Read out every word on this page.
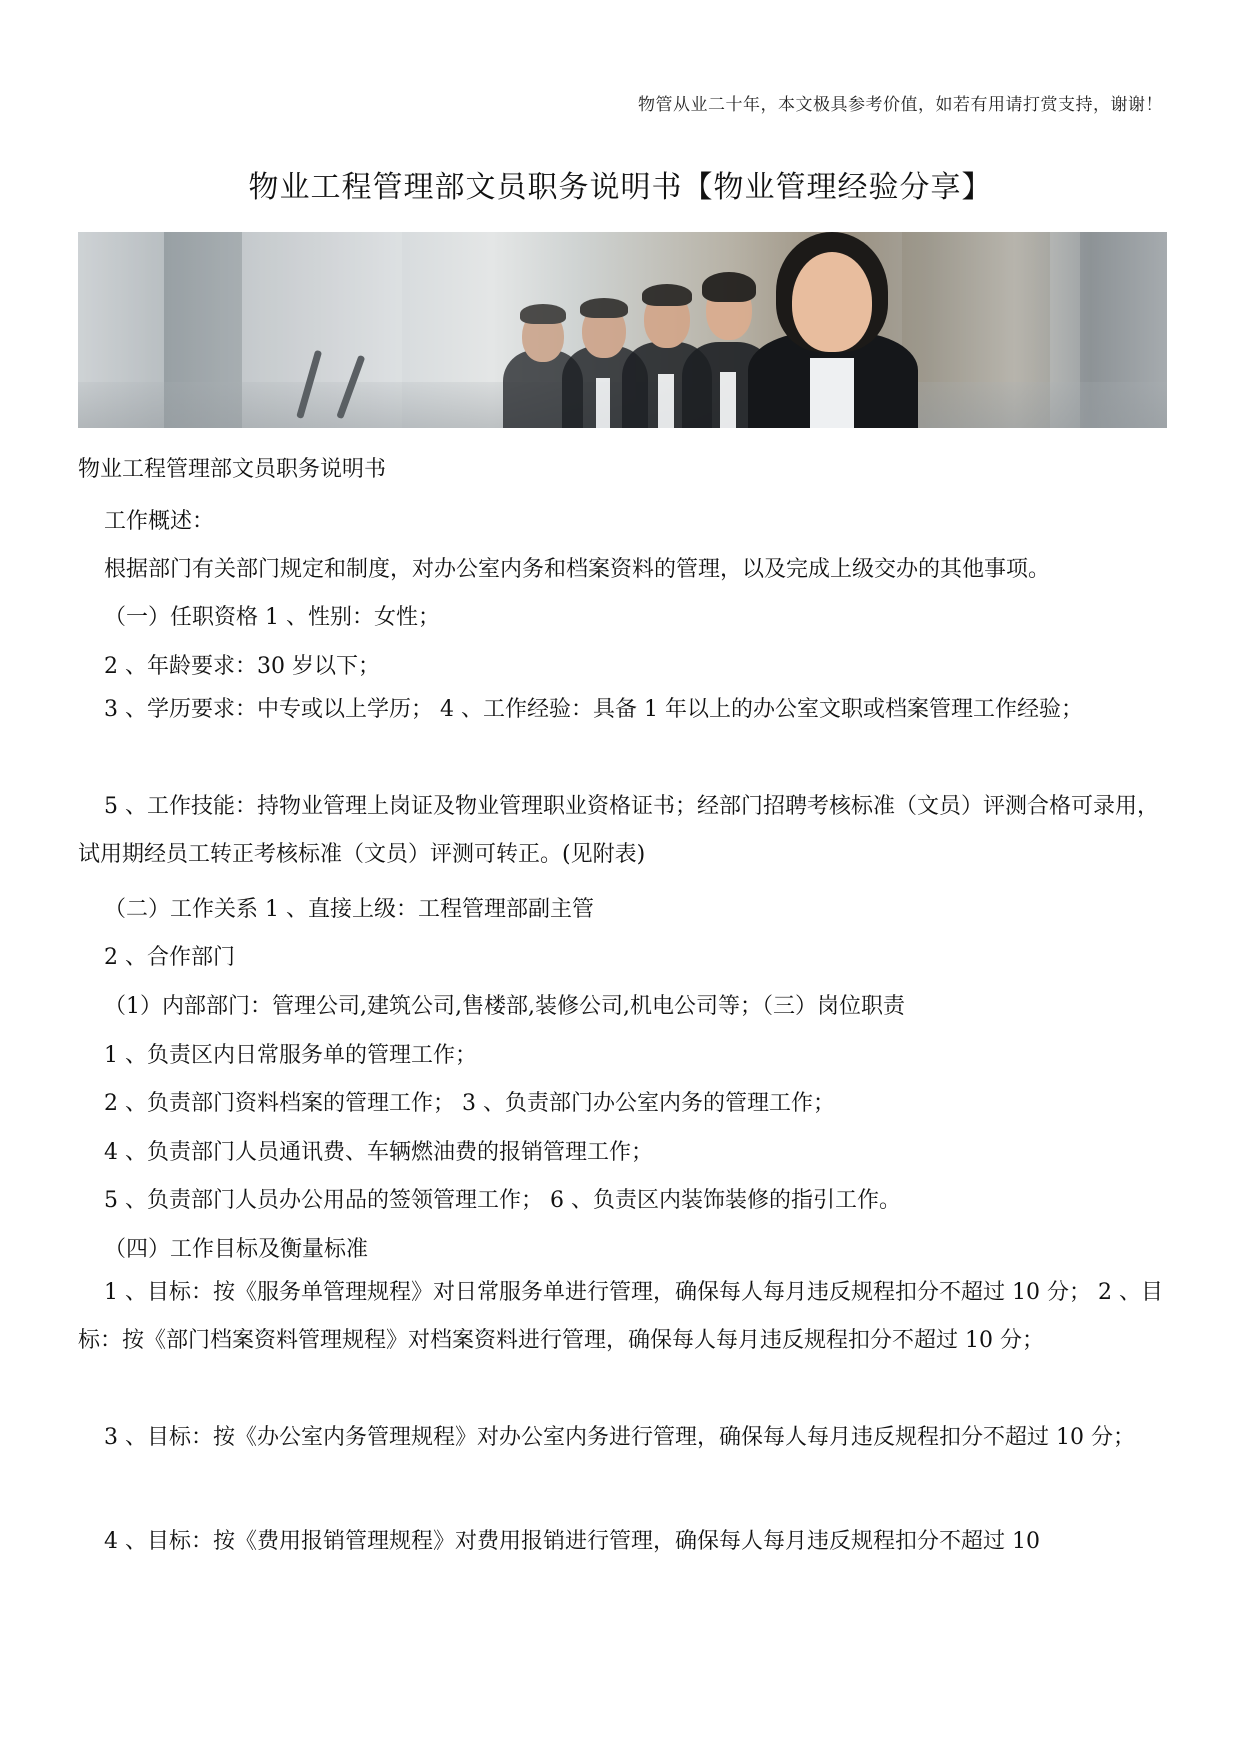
物管从业二十年，本文极具参考价值，如若有用请打赏支持，谢谢！
物业工程管理部文员职务说明书【物业管理经验分享】
物业工程管理部文员职务说明书
工作概述：
根据部门有关部门规定和制度，对办公室内务和档案资料的管理，以及完成上级交办的其他事项。
（一）任职资格 1 、性别：女性；
2 、年龄要求：30 岁以下；
3 、学历要求：中专或以上学历； 4 、工作经验：具备 1 年以上的办公室文职或档案管理工作经验；
5 、工作技能：持物业管理上岗证及物业管理职业资格证书；经部门招聘考核标准（文员）评测合格可录用，试用期经员工转正考核标准（文员）评测可转正。(见附表)
（二）工作关系 1 、直接上级：工程管理部副主管
2 、合作部门
（1）内部部门：管理公司,建筑公司,售楼部,装修公司,机电公司等；（三）岗位职责
1 、负责区内日常服务单的管理工作；
2 、负责部门资料档案的管理工作； 3 、负责部门办公室内务的管理工作；
4 、负责部门人员通讯费、车辆燃油费的报销管理工作；
5 、负责部门人员办公用品的签领管理工作； 6 、负责区内装饰装修的指引工作。
（四）工作目标及衡量标准
1 、目标：按《服务单管理规程》对日常服务单进行管理，确保每人每月违反规程扣分不超过 10 分； 2 、目标：按《部门档案资料管理规程》对档案资料进行管理，确保每人每月违反规程扣分不超过 10 分；
3 、目标：按《办公室内务管理规程》对办公室内务进行管理，确保每人每月违反规程扣分不超过 10 分；
4 、目标：按《费用报销管理规程》对费用报销进行管理，确保每人每月违反规程扣分不超过 10
